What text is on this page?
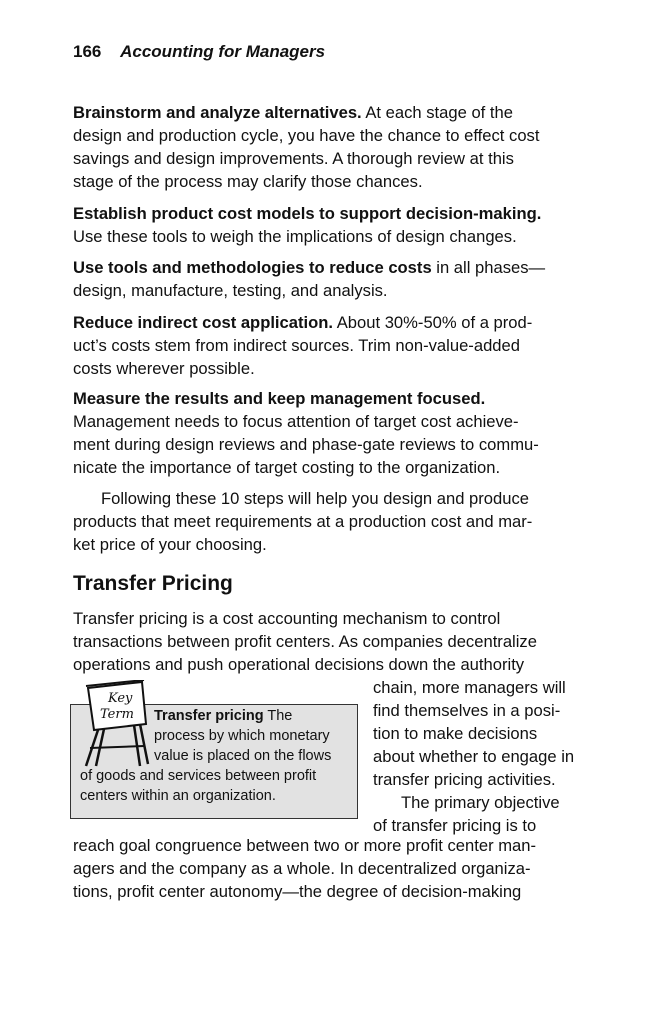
166 Accounting for Managers

Brainstorm and analyze alternatives. At each stage of the
design and production cycle, you have the chance to effect cost
savings and design improvements. A thorough review at this
stage of the process may clarify those chances.

Establish product cost models to support decision-making.
Use these tools to weigh the implications of design changes.

Use tools and methodologies to reduce costs in all phases—
design, manufacture, testing, and analysis.

Reduce indirect cost application. About 30%-50% of a prod-
uct’s costs stem from indirect sources. Trim non-value-added
costs wherever possible.

Measure the results and keep management focused.
Management needs to focus attention of target cost achieve-
ment during design reviews and phase-gate reviews to commu-
nicate the importance of target costing to the organization.

Following these 10 steps will help you design and produce
products that meet requirements at a production cost and mar-
ket price of your choosing.

Transfer Pricing
Transfer pricing is a cost accounting mechanism to control
transactions between profit centers. As companies decentralize
operations and push operational decisions down the authority
chain, more managers will
find themselves in a posi-
tion to make decisions
about whether to engage in
transfer pricing activities.
The primary objective
of transfer pricing is to
Key
Term	Transfer pricing The
process by which monetary
value is placed on the flows
of goods and services between profit
centers within an organization.
reach goal congruence between two or more profit center man-
agers and the company as a whole. In decentralized organiza-
tions, profit center autonomy—the degree of decision-making
